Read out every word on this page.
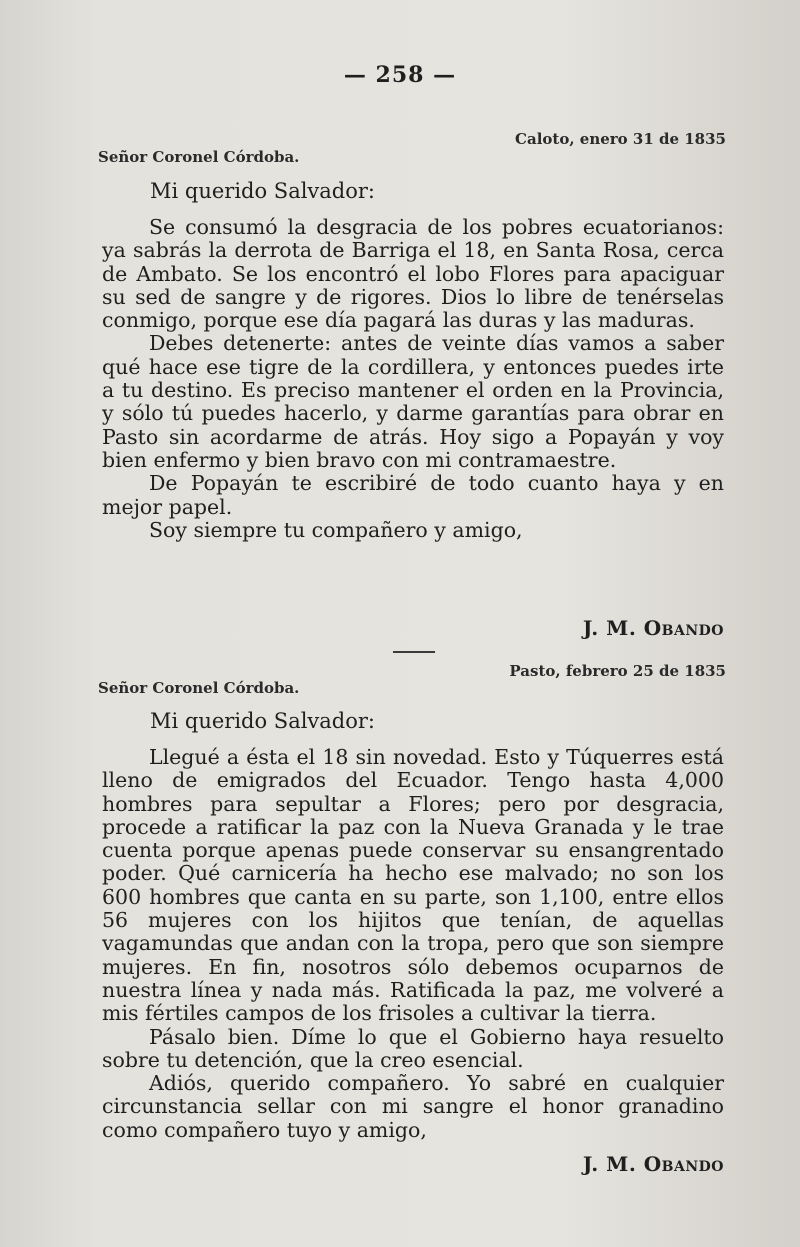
— 258 —
Caloto, enero 31 de 1835
Señor Coronel Córdoba.
Mi querido Salvador:

Se consumó la desgracia de los pobres ecuatorianos: ya sabrás la derrota de Barriga el 18, en Santa Rosa, cerca de Ambato. Se los encontró el lobo Flores para apaciguar su sed de sangre y de rigores. Dios lo libre de tenérselas conmigo, porque ese día pagará las duras y las maduras.

Debes detenerte: antes de veinte días vamos a saber qué hace ese tigre de la cordillera, y entonces puedes irte a tu destino. Es preciso mantener el orden en la Provincia, y sólo tú puedes hacerlo, y darme garantías para obrar en Pasto sin acordarme de atrás. Hoy sigo a Popayán y voy bien enfermo y bien bravo con mi contramaestre.

De Popayán te escribiré de todo cuanto haya y en mejor papel.

Soy siempre tu compañero y amigo,

J. M. Obando
Pasto, febrero 25 de 1835
Señor Coronel Córdoba.
Mi querido Salvador:

Llegué a ésta el 18 sin novedad. Esto y Túquerres está lleno de emigrados del Ecuador. Tengo hasta 4,000 hombres para sepultar a Flores; pero por desgracia, procede a ratificar la paz con la Nueva Granada y le trae cuenta porque apenas puede conservar su ensangrentado poder. Qué carnicería ha hecho ese malvado; no son los 600 hombres que canta en su parte, son 1,100, entre ellos 56 mujeres con los hijitos que tenían, de aquellas vagamundas que andan con la tropa, pero que son siempre mujeres. En fin, nosotros sólo debemos ocuparnos de nuestra línea y nada más. Ratificada la paz, me volveré a mis fértiles campos de los frisoles a cultivar la tierra.

Pásalo bien. Díme lo que el Gobierno haya resuelto sobre tu detención, que la creo esencial.

Adiós, querido compañero. Yo sabré en cualquier circunstancia sellar con mi sangre el honor granadino como compañero tuyo y amigo,

J. M. Obando
